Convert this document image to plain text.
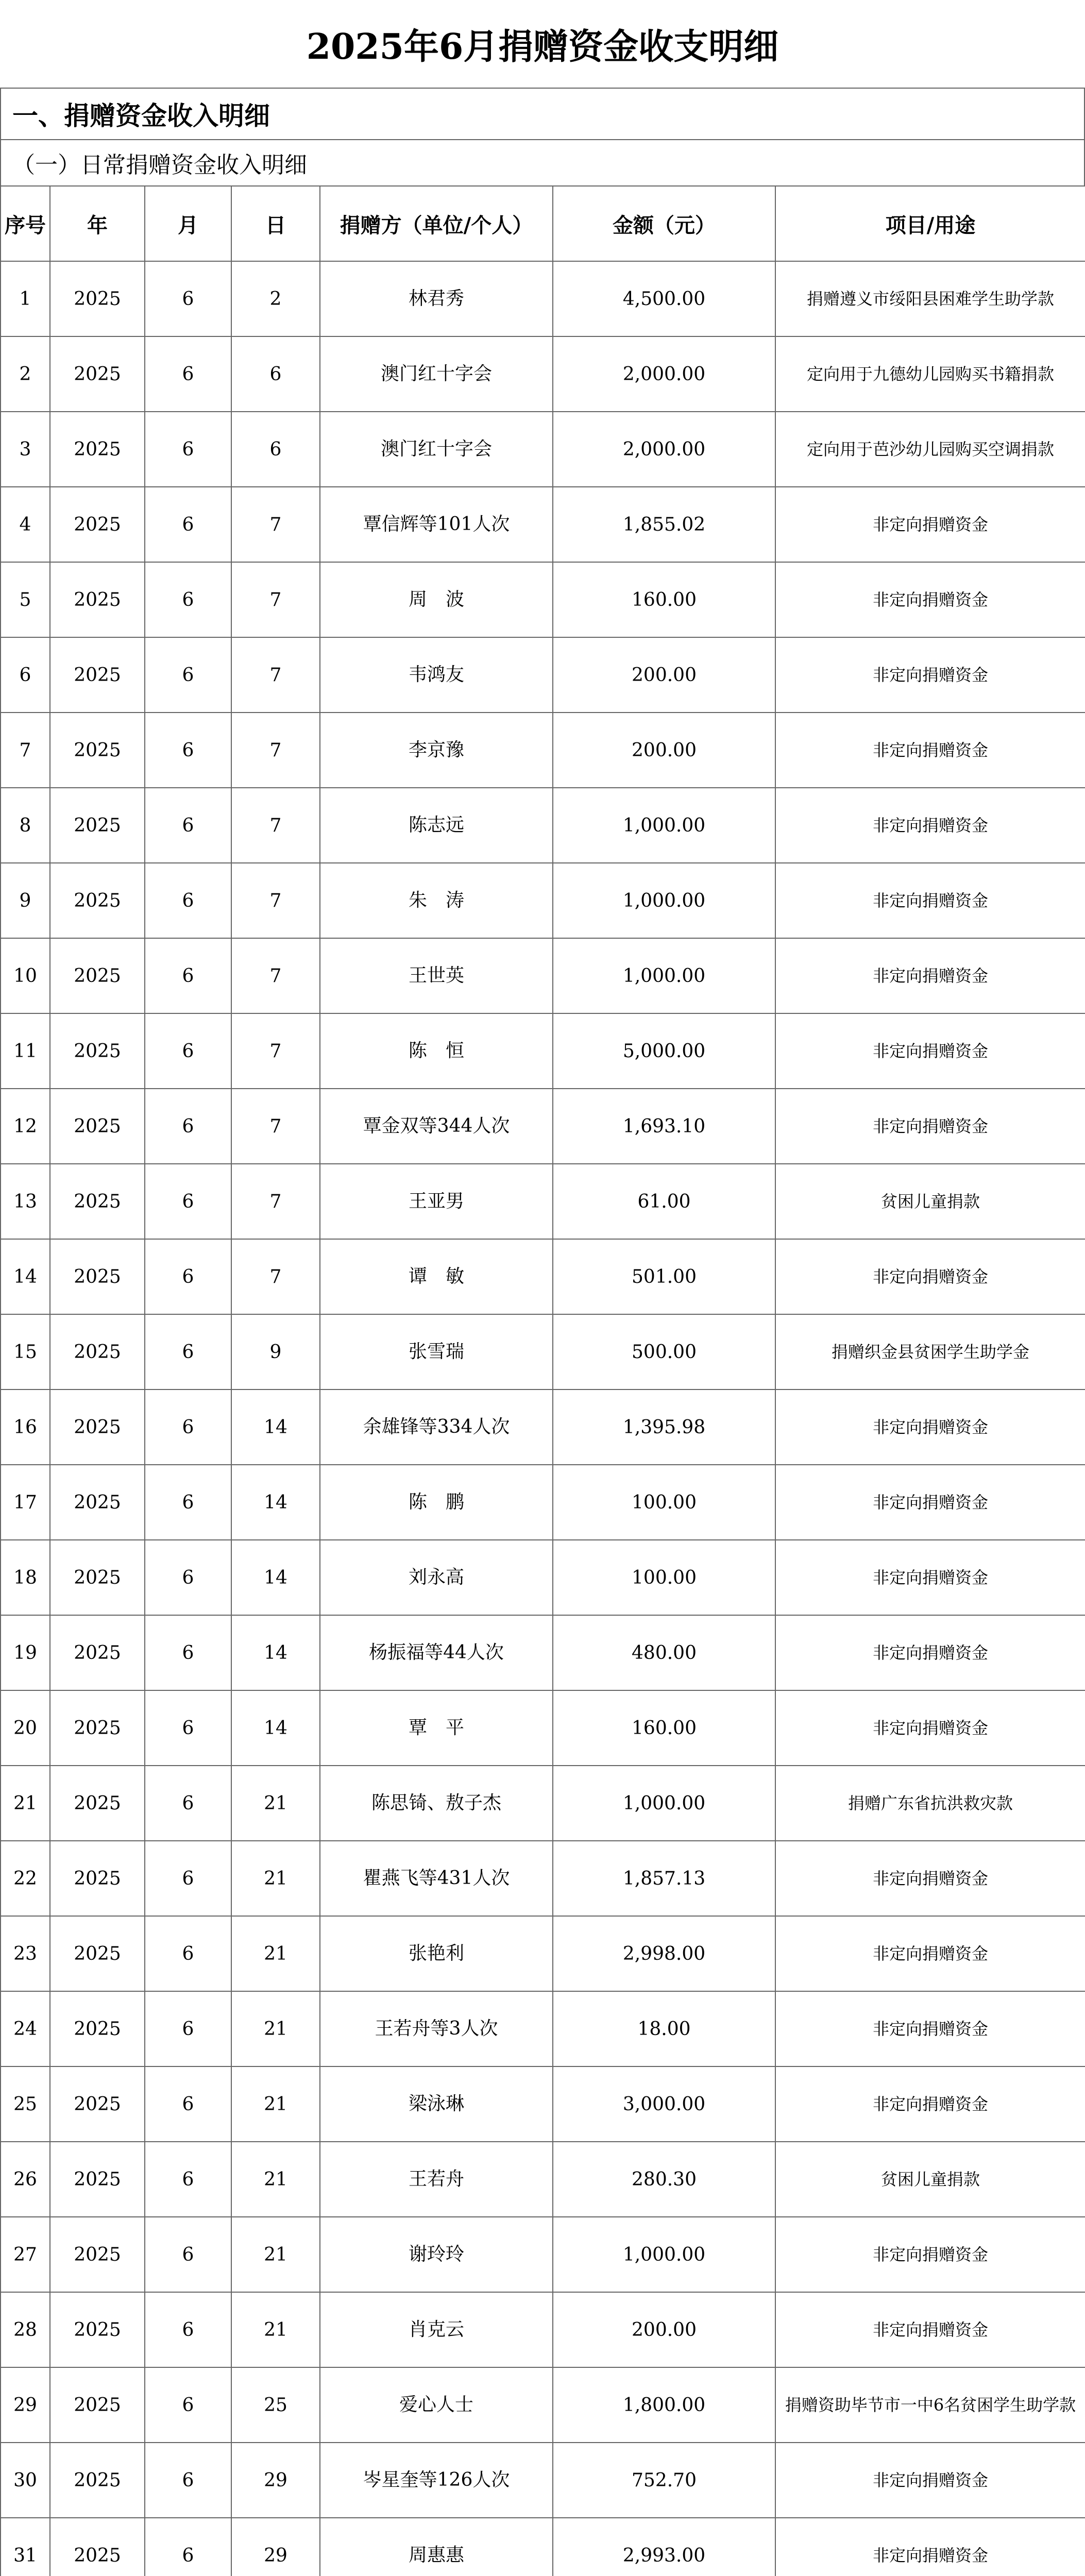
2025年6月捐赠资金收支明细
一、捐赠资金收入明细
（一）日常捐赠资金收入明细
序号	年	月	日	捐赠方（单位/个人）	金额（元）	项目/用途
1	2025	6	2	林君秀	4,500.00	捐赠遵义市绥阳县困难学生助学款
2	2025	6	6	澳门红十字会	2,000.00	定向用于九德幼儿园购买书籍捐款
3	2025	6	6	澳门红十字会	2,000.00	定向用于芭沙幼儿园购买空调捐款
4	2025	6	7	覃信辉等101人次	1,855.02	非定向捐赠资金
5	2025	6	7	周　波	160.00	非定向捐赠资金
6	2025	6	7	韦鸿友	200.00	非定向捐赠资金
7	2025	6	7	李京豫	200.00	非定向捐赠资金
8	2025	6	7	陈志远	1,000.00	非定向捐赠资金
9	2025	6	7	朱　涛	1,000.00	非定向捐赠资金
10	2025	6	7	王世英	1,000.00	非定向捐赠资金
11	2025	6	7	陈　恒	5,000.00	非定向捐赠资金
12	2025	6	7	覃金双等344人次	1,693.10	非定向捐赠资金
13	2025	6	7	王亚男	61.00	贫困儿童捐款
14	2025	6	7	谭　敏	501.00	非定向捐赠资金
15	2025	6	9	张雪瑞	500.00	捐赠织金县贫困学生助学金
16	2025	6	14	余雄锋等334人次	1,395.98	非定向捐赠资金
17	2025	6	14	陈　鹏	100.00	非定向捐赠资金
18	2025	6	14	刘永高	100.00	非定向捐赠资金
19	2025	6	14	杨振福等44人次	480.00	非定向捐赠资金
20	2025	6	14	覃　平	160.00	非定向捐赠资金
21	2025	6	21	陈思锜、敖子杰	1,000.00	捐赠广东省抗洪救灾款
22	2025	6	21	瞿燕飞等431人次	1,857.13	非定向捐赠资金
23	2025	6	21	张艳利	2,998.00	非定向捐赠资金
24	2025	6	21	王若舟等3人次	18.00	非定向捐赠资金
25	2025	6	21	梁泳琳	3,000.00	非定向捐赠资金
26	2025	6	21	王若舟	280.30	贫困儿童捐款
27	2025	6	21	谢玲玲	1,000.00	非定向捐赠资金
28	2025	6	21	肖克云	200.00	非定向捐赠资金
29	2025	6	25	爱心人士	1,800.00	捐赠资助毕节市一中6名贫困学生助学款
30	2025	6	29	岑星奎等126人次	752.70	非定向捐赠资金
31	2025	6	29	周惠惠	2,993.00	非定向捐赠资金
